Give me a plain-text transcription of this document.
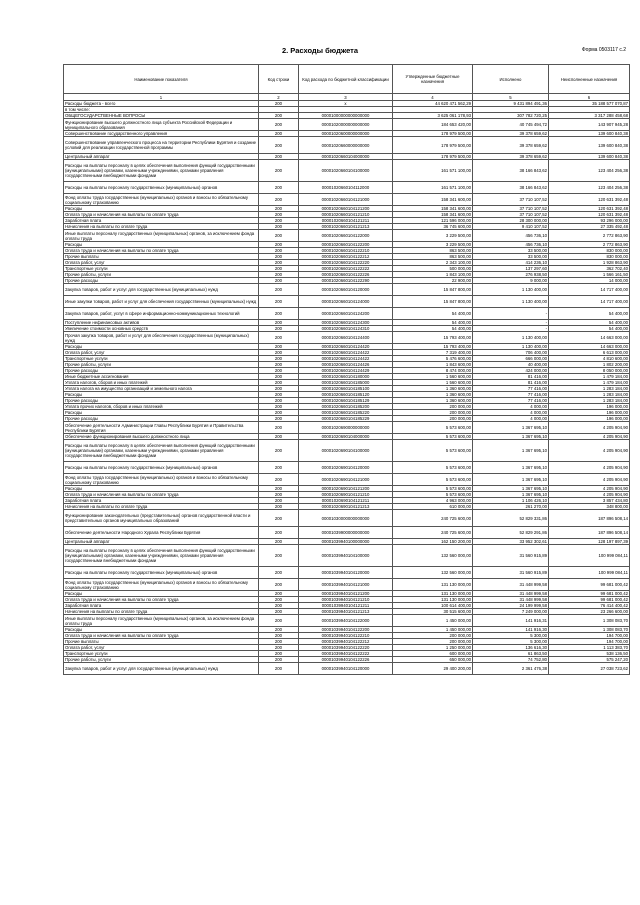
2. Расходы бюджета	Форма 0503117 с.2
Наименование показателя	Код строки	Код расхода по бюджетной классификации	Утвержденные бюджетные назначения	Исполнено	Неисполненные назначения
1	2	3	4	5	6
Расходы бюджета - всего	200	x	44 620 471 562,29	9 431 894 491,36	35 188 577 070,87
в том числе:					
ОБЩЕГОСУДАРСТВЕННЫЕ ВОПРОСЫ	200	00001000000000000000	3 625 061 178,93	307 782 720,25	3 317 288 458,68
Функционирование высшего должностного лица субъекта Российской Федерации и муниципального образования	200	00001020000000000000	184 653 420,00	40 745 494,72	143 907 945,28
Совершенствование государственного управления	200	00001020600000000000	178 979 500,00	39 378 659,62	139 600 840,38
Совершенствование управленческого процесса на территории Республики Бурятия и создание условий для реализации государственной программы	200	00001020660000000000	178 979 500,00	39 378 659,62	139 600 840,38
Центральный аппарат	200	00001020660104000000	178 979 500,00	39 378 659,62	139 600 840,38
Расходы на выплаты персоналу в целях обеспечения выполнения функций государственными (муниципальными) органами, казенными учреждениями, органами управления государственными внебюджетными фондами	200	00001020660104100000	161 571 100,00	38 166 843,62	123 404 256,38
Расходы на выплаты персоналу государственных (муниципальных) органов	200	00001020660104112000	161 571 100,00	38 166 843,62	123 404 256,38
Фонд оплаты труда государственных (муниципальных) органов и взносы по обязательному социальному страхованию	200	00001020660104121000	158 341 600,00	37 710 107,52	120 631 392,48
Расходы	200	00001020660104121200	158 341 600,00	37 710 107,52	120 631 392,48
Оплата труда и начисления на выплаты по оплате труда	200	00001020660104121210	158 341 600,00	37 710 107,52	120 631 392,48
Заработная плата	200	00001020660104121211	121 596 000,00	28 300 000,00	93 296 000,00
Начисления на выплаты по оплате труда	200	00001020660104121213	36 745 600,00	9 410 107,52	27 335 492,48
Иные выплаты персоналу государственных (муниципальных) органов, за исключением фонда оплаты труда	200	00001020660104122000	3 229 500,00	456 736,10	2 772 863,90
Расходы	200	00001020660104122200	3 229 500,00	456 736,10	2 772 863,90
Оплата труда и начисления на выплаты по оплате труда	200	00001020660104122210	863 500,00	33 500,00	830 000,00
Прочие выплаты	200	00001020660104122212	863 500,00	33 500,00	830 000,00
Оплата работ, услуг	200	00001020660104122220	2 343 100,00	414 236,10	1 928 863,90
Транспортные услуги	200	00001020660104122222	500 000,00	137 297,60	362 702,40
Прочие работы, услуги	200	00001020660104122226	1 843 100,00	276 938,50	1 566 161,50
Прочие расходы	200	00001020660104122290	22 900,00	9 000,00	14 000,00
Закупка товаров, работ и услуг для государственных (муниципальных) нужд	200	00001020660104120000	15 847 800,00	1 130 400,00	14 717 400,00
Иные закупки товаров, работ и услуг для обеспечения государственных (муниципальных) нужд	200	00001020660104124000	15 847 800,00	1 130 400,00	14 717 400,00
Закупка товаров, работ, услуг в сфере информационно-коммуникационных технологий	200	00001020660104124200	54 400,00	-	54 400,00
Поступление нефинансовых активов	200	00001020660104124300	54 400,00	-	54 400,00
Увеличение стоимости основных средств	200	00001020660104124310	54 400,00	-	54 400,00
Прочая закупка товаров, работ и услуг для обеспечения государственных (муниципальных) нужд	200	00001020660104124400	15 793 400,00	1 130 400,00	14 663 000,00
Расходы	200	00001020660104124420	15 793 400,00	1 130 400,00	14 663 000,00
Оплата работ, услуг	200	00001020660104124422	7 319 400,00	706 400,00	6 613 000,00
Транспортные услуги	200	00001020660104124422	5 476 600,00	666 000,00	4 810 600,00
Прочие работы, услуги	200	00001020660104124426	1 843 600,00	40 400,00	1 802 200,00
Прочие расходы	200	00001020660104124429	8 474 000,00	424 000,00	8 050 000,00
Иные бюджетные ассигнования	200	00001020660104180000	1 560 600,00	81 416,00	1 479 184,00
Уплата налогов, сборов и иных платежей	200	00001020660104185000	1 560 600,00	81 416,00	1 479 184,00
Уплата налога на имущество организаций и земельного налога	200	00001020660104185100	1 360 600,00	77 416,00	1 283 184,00
Расходы	200	00001020660104185120	1 360 600,00	77 416,00	1 283 184,00
Прочие расходы	200	00001020660104185129	1 360 600,00	77 416,00	1 283 184,00
Уплата прочих налогов, сборов и иных платежей	200	00001020660104185200	200 000,00	4 000,00	196 000,00
Расходы	200	00001020660104185220	200 000,00	4 000,00	196 000,00
Прочие расходы	200	00001020660104185229	200 000,00	4 000,00	196 000,00
Обеспечение деятельности Администрации Главы Республики Бурятия и Правительства Республики Бурятия	200	00001020690000000000	5 573 600,00	1 367 695,10	4 205 904,90
Обеспечение функционирования высшего должностного лица	200	00001020690104000000	5 573 600,00	1 367 695,10	4 205 904,90
Расходы на выплаты персоналу в целях обеспечения выполнения функций государственными (муниципальными) органами, казенными учреждениями, органами управления государственными внебюджетными фондами	200	00001020690104100000	5 573 600,00	1 367 695,10	4 205 904,90
Расходы на выплаты персоналу государственных (муниципальных) органов	200	00001020690104120000	5 573 600,00	1 367 695,10	4 205 904,90
Фонд оплаты труда государственных (муниципальных) органов и взносы по обязательному социальному страхованию	200	00001020690104121000	5 573 600,00	1 367 695,10	4 205 904,90
Расходы	200	00001020690104121200	5 573 600,00	1 367 695,10	4 205 904,90
Оплата труда и начисления на выплаты по оплате труда	200	00001020690104121210	5 573 600,00	1 367 695,10	4 205 904,90
Заработная плата	200	00001020690104121211	4 963 000,00	1 106 426,10	3 857 434,80
Начисления на выплаты по оплате труда	200	00001020690104121213	610 000,00	261 270,00	348 800,00
Функционирование законодательных (представительных) органов государственной власти и представительных органов муниципальных образований	200	00001030000000000000	240 725 600,00	52 829 331,86	187 896 508,14
Обеспечение деятельности Народного Хурала Республики Бурятия	200	00001039900000000000	240 725 600,00	52 829 291,86	187 896 508,14
Центральный аппарат	200	00001039940100000000	162 150 200,00	33 952 302,61	128 197 897,39
Расходы на выплаты персоналу в целях обеспечения выполнения функций государственными (муниципальными) органами, казенными учреждениями, органами управления государственными внебюджетными фондами	200	00001039940104100000	132 560 000,00	31 560 915,89	100 999 084,11
Расходы на выплаты персоналу государственных (муниципальных) органов	200	00001039940104120000	132 560 000,00	31 560 915,89	100 999 084,11
Фонд оплаты труда государственных (муниципальных) органов и взносы по обязательному социальному страхованию	200	00001039940104121000	131 130 000,00	31 448 999,58	99 681 000,42
Расходы	200	00001039940104121200	131 130 000,00	31 448 999,58	99 681 000,42
Оплата труда и начисления на выплаты по оплате труда	200	00001039940104121210	131 130 000,00	31 448 999,58	99 681 000,42
Заработная плата	200	00001039940104121211	100 614 400,00	24 199 999,58	76 414 400,42
Начисления на выплаты по оплате труда	200	00001039940104121213	30 515 600,00	7 249 000,00	23 266 600,00
Иные выплаты персоналу государственных (муниципальных) органов, за исключением фонда оплаты труда	200	00001039940104122000	1 450 000,00	141 916,31	1 308 083,70
Расходы	200	00001039940104122200	1 450 000,00	141 916,30	1 308 083,70
Оплата труда и начисления на выплаты по оплате труда	200	00001039940104122210	200 000,00	5 300,00	194 700,00
Прочие выплаты	200	00001039940104122212	200 000,00	5 300,00	194 700,00
Оплата работ, услуг	200	00001039940104122220	1 250 000,00	136 616,30	1 113 383,70
Транспортные услуги	200	00001039940104122222	600 000,00	61 863,50	538 136,50
Прочие работы, услуги	200	00001039940104122226	650 000,00	74 752,80	575 247,20
Закупка товаров, работ и услуг для государственных (муниципальных) нужд	200	00001039940104120000	29 400 200,00	2 361 476,38	27 038 723,62
